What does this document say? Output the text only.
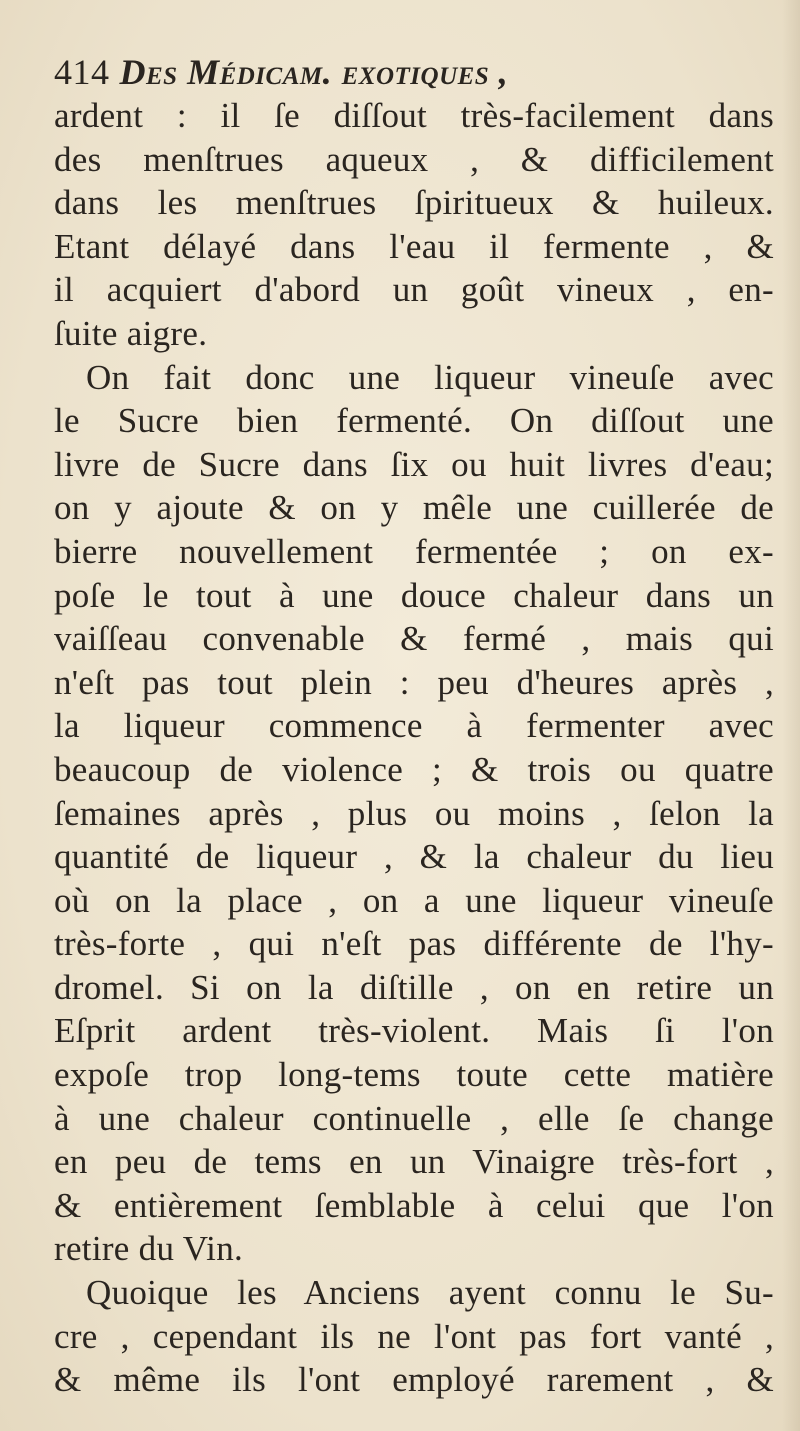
414 Des Médicam. exotiques ,
ardent : il ſe diſſout très-facilement dans
des menſtrues aqueux , & difficilement
dans les menſtrues ſpiritueux & huileux.
Etant délayé dans l'eau il fermente , &
il acquiert d'abord un goût vineux , en-
ſuite aigre.
On fait donc une liqueur vineuſe avec
le Sucre bien fermenté. On diſſout une
livre de Sucre dans ſix ou huit livres d'eau;
on y ajoute & on y mêle une cuillerée de
bierre nouvellement fermentée ; on ex-
poſe le tout à une douce chaleur dans un
vaiſſeau convenable & fermé , mais qui
n'eſt pas tout plein : peu d'heures après ,
la liqueur commence à fermenter avec
beaucoup de violence ; & trois ou quatre
ſemaines après , plus ou moins , ſelon la
quantité de liqueur , & la chaleur du lieu
où on la place , on a une liqueur vineuſe
très-forte , qui n'eſt pas différente de l'hy-
dromel. Si on la diſtille , on en retire un
Eſprit ardent très-violent. Mais ſi l'on
expoſe trop long-tems toute cette matière
à une chaleur continuelle , elle ſe change
en peu de tems en un Vinaigre très-fort ,
& entièrement ſemblable à celui que l'on
retire du Vin.
Quoique les Anciens ayent connu le Su-
cre , cependant ils ne l'ont pas fort vanté ,
& même ils l'ont employé rarement , &
